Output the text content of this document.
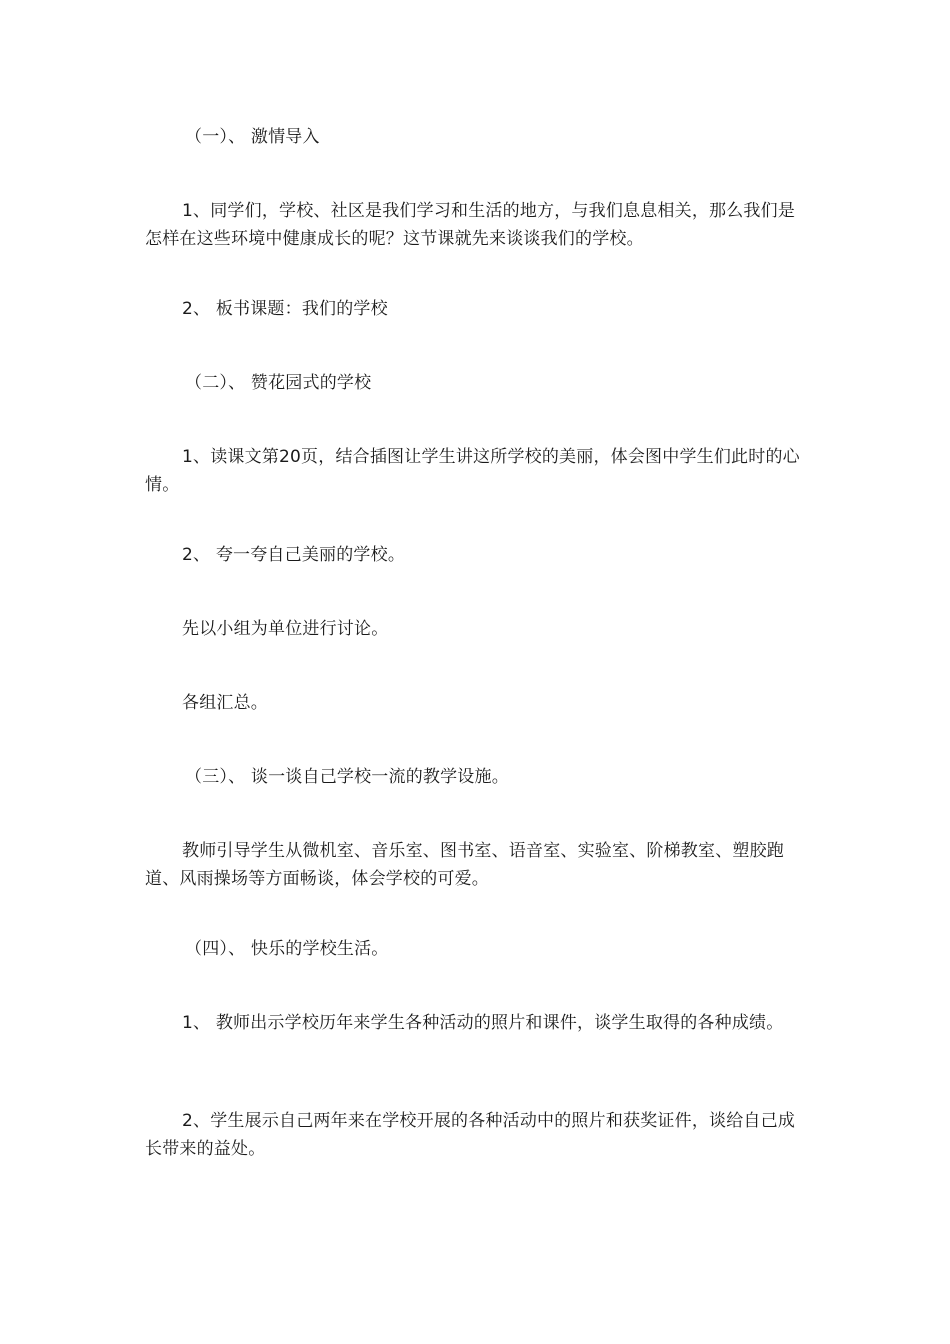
（一）、 激情导入

1、同学们，学校、社区是我们学习和生活的地方，与我们息息相关，那么我们是怎样在这些环境中健康成长的呢？这节课就先来谈谈我们的学校。

2、 板书课题：我们的学校

（二）、 赞花园式的学校

1、读课文第20页，结合插图让学生讲这所学校的美丽，体会图中学生们此时的心情。

2、 夸一夸自己美丽的学校。

先以小组为单位进行讨论。

各组汇总。

（三）、 谈一谈自己学校一流的教学设施。

教师引导学生从微机室、音乐室、图书室、语音室、实验室、阶梯教室、塑胶跑道、风雨操场等方面畅谈，体会学校的可爱。

（四）、 快乐的学校生活。

1、 教师出示学校历年来学生各种活动的照片和课件，谈学生取得的各种成绩。

2、学生展示自己两年来在学校开展的各种活动中的照片和获奖证件，谈给自己成长带来的益处。
